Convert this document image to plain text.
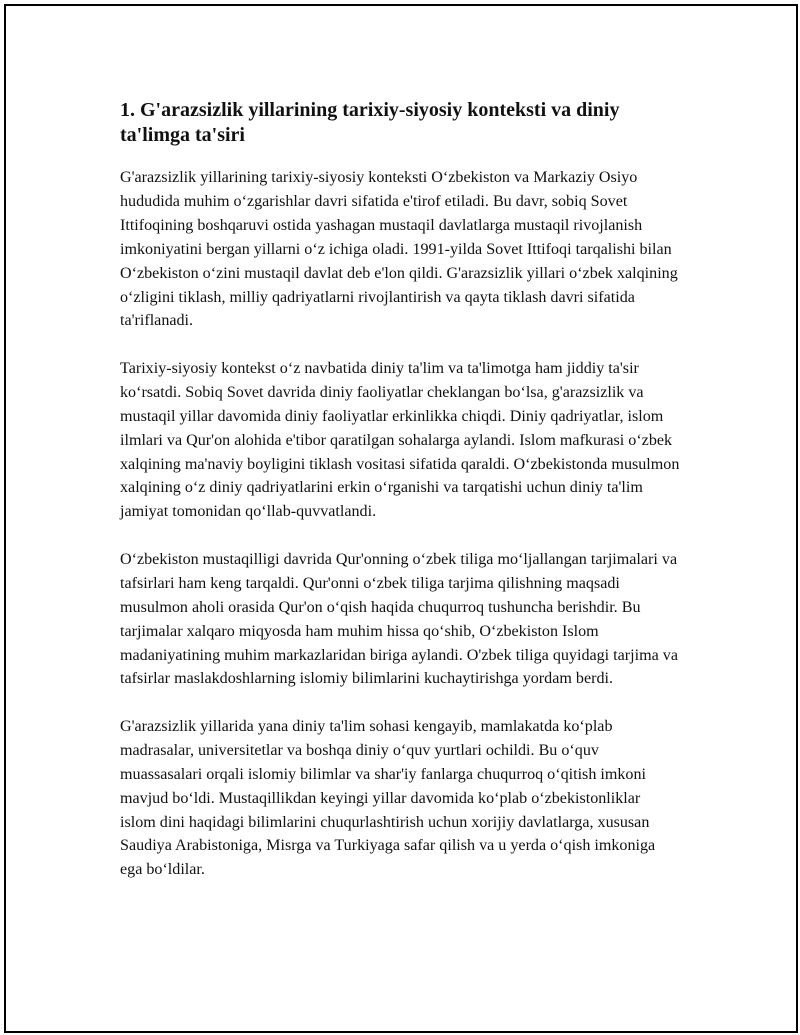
1. G'arazsizlik yillarining tarixiy-siyosiy konteksti va diniy ta'limga ta'siri

G'arazsizlik yillarining tarixiy-siyosiy konteksti O‘zbekiston va Markaziy Osiyo hududida muhim o‘zgarishlar davri sifatida e'tirof etiladi. Bu davr, sobiq Sovet Ittifoqining boshqaruvi ostida yashagan mustaqil davlatlarga mustaqil rivojlanish imkoniyatini bergan yillarni o‘z ichiga oladi. 1991-yilda Sovet Ittifoqi tarqalishi bilan O‘zbekiston o‘zini mustaqil davlat deb e'lon qildi. G'arazsizlik yillari o‘zbek xalqining o‘zligini tiklash, milliy qadriyatlarni rivojlantirish va qayta tiklash davri sifatida ta'riflanadi.

Tarixiy-siyosiy kontekst o‘z navbatida diniy ta'lim va ta'limotga ham jiddiy ta'sir ko‘rsatdi. Sobiq Sovet davrida diniy faoliyatlar cheklangan bo‘lsa, g'arazsizlik va mustaqil yillar davomida diniy faoliyatlar erkinlikka chiqdi. Diniy qadriyatlar, islom ilmlari va Qur'on alohida e'tibor qaratilgan sohalarga aylandi. Islom mafkurasi o‘zbek xalqining ma'naviy boyligini tiklash vositasi sifatida qaraldi. O‘zbekistonda musulmon xalqining o‘z diniy qadriyatlarini erkin o‘rganishi va tarqatishi uchun diniy ta'lim jamiyat tomonidan qo‘llab-quvvatlandi.

O‘zbekiston mustaqilligi davrida Qur'onning o‘zbek tiliga mo‘ljallangan tarjimalari va tafsirlari ham keng tarqaldi. Qur'onni o‘zbek tiliga tarjima qilishning maqsadi musulmon aholi orasida Qur'on o‘qish haqida chuqurroq tushuncha berishdir. Bu tarjimalar xalqaro miqyosda ham muhim hissa qo‘shib, O‘zbekiston Islom madaniyatining muhim markazlaridan biriga aylandi. O'zbek tiliga quyidagi tarjima va tafsirlar maslakdoshlarning islomiy bilimlarini kuchaytirishga yordam berdi.

G'arazsizlik yillarida yana diniy ta'lim sohasi kengayib, mamlakatda ko‘plab madrasalar, universitetlar va boshqa diniy o‘quv yurtlari ochildi. Bu o‘quv muassasalari orqali islomiy bilimlar va shar'iy fanlarga chuqurroq o‘qitish imkoni mavjud bo‘ldi. Mustaqillikdan keyingi yillar davomida ko‘plab o‘zbekistonliklar islom dini haqidagi bilimlarini chuqurlashtirish uchun xorijiy davlatlarga, xususan Saudiya Arabistoniga, Misrga va Turkiyaga safar qilish va u yerda o‘qish imkoniga ega bo‘ldilar.
